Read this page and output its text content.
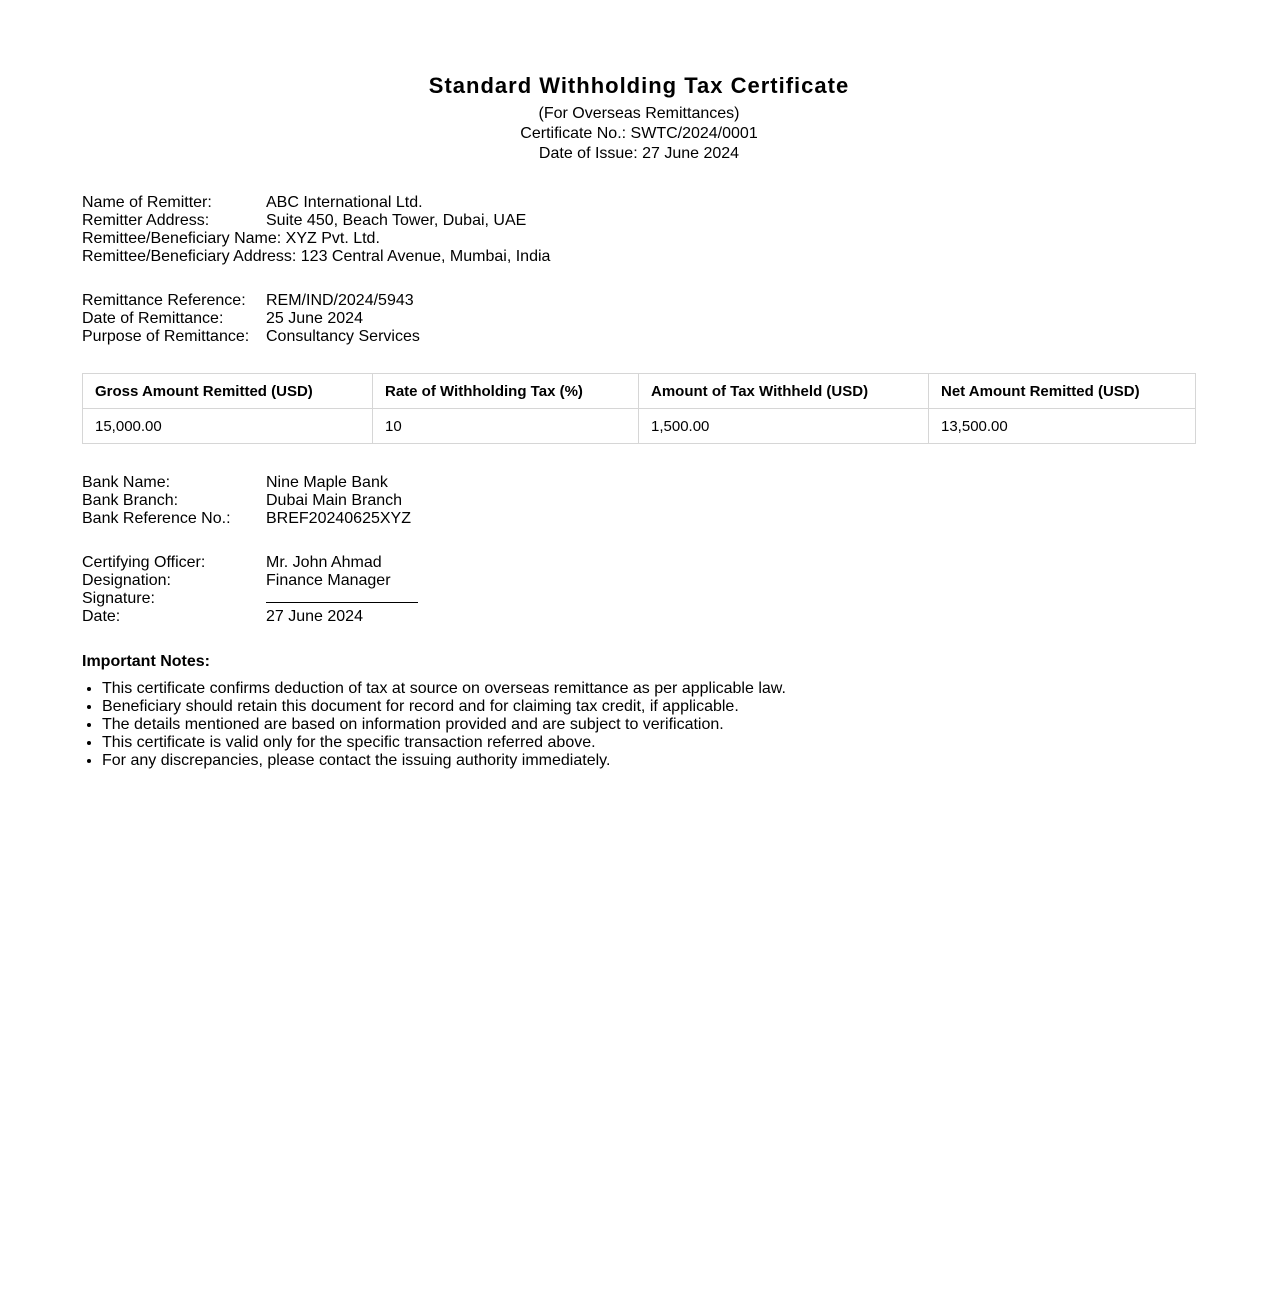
Standard Withholding Tax Certificate
(For Overseas Remittances)
Certificate No.: SWTC/2024/0001
Date of Issue: 27 June 2024
Name of Remitter:	ABC International Ltd.
Remitter Address:	Suite 450, Beach Tower, Dubai, UAE
Remittee/Beneficiary Name: XYZ Pvt. Ltd.
Remittee/Beneficiary Address: 123 Central Avenue, Mumbai, India
Remittance Reference: REM/IND/2024/5943
Date of Remittance:	25 June 2024
Purpose of Remittance: Consultancy Services
Gross Amount Remitted (USD)	Rate of Withholding Tax (%)	Amount of Tax Withheld (USD)	Net Amount Remitted (USD)
15,000.00	10	1,500.00	13,500.00
Bank Name:	Nine Maple Bank
Bank Branch:	Dubai Main Branch
Bank Reference No.: BREF20240625XYZ
Certifying Officer:	Mr. John Ahmad
Designation:	Finance Manager
Signature:
Date:	27 June 2024
Important Notes:
• This certificate confirms deduction of tax at source on overseas remittance as per applicable law.
• Beneficiary should retain this document for record and for claiming tax credit, if applicable.
• The details mentioned are based on information provided and are subject to verification.
• This certificate is valid only for the specific transaction referred above.
• For any discrepancies, please contact the issuing authority immediately.
